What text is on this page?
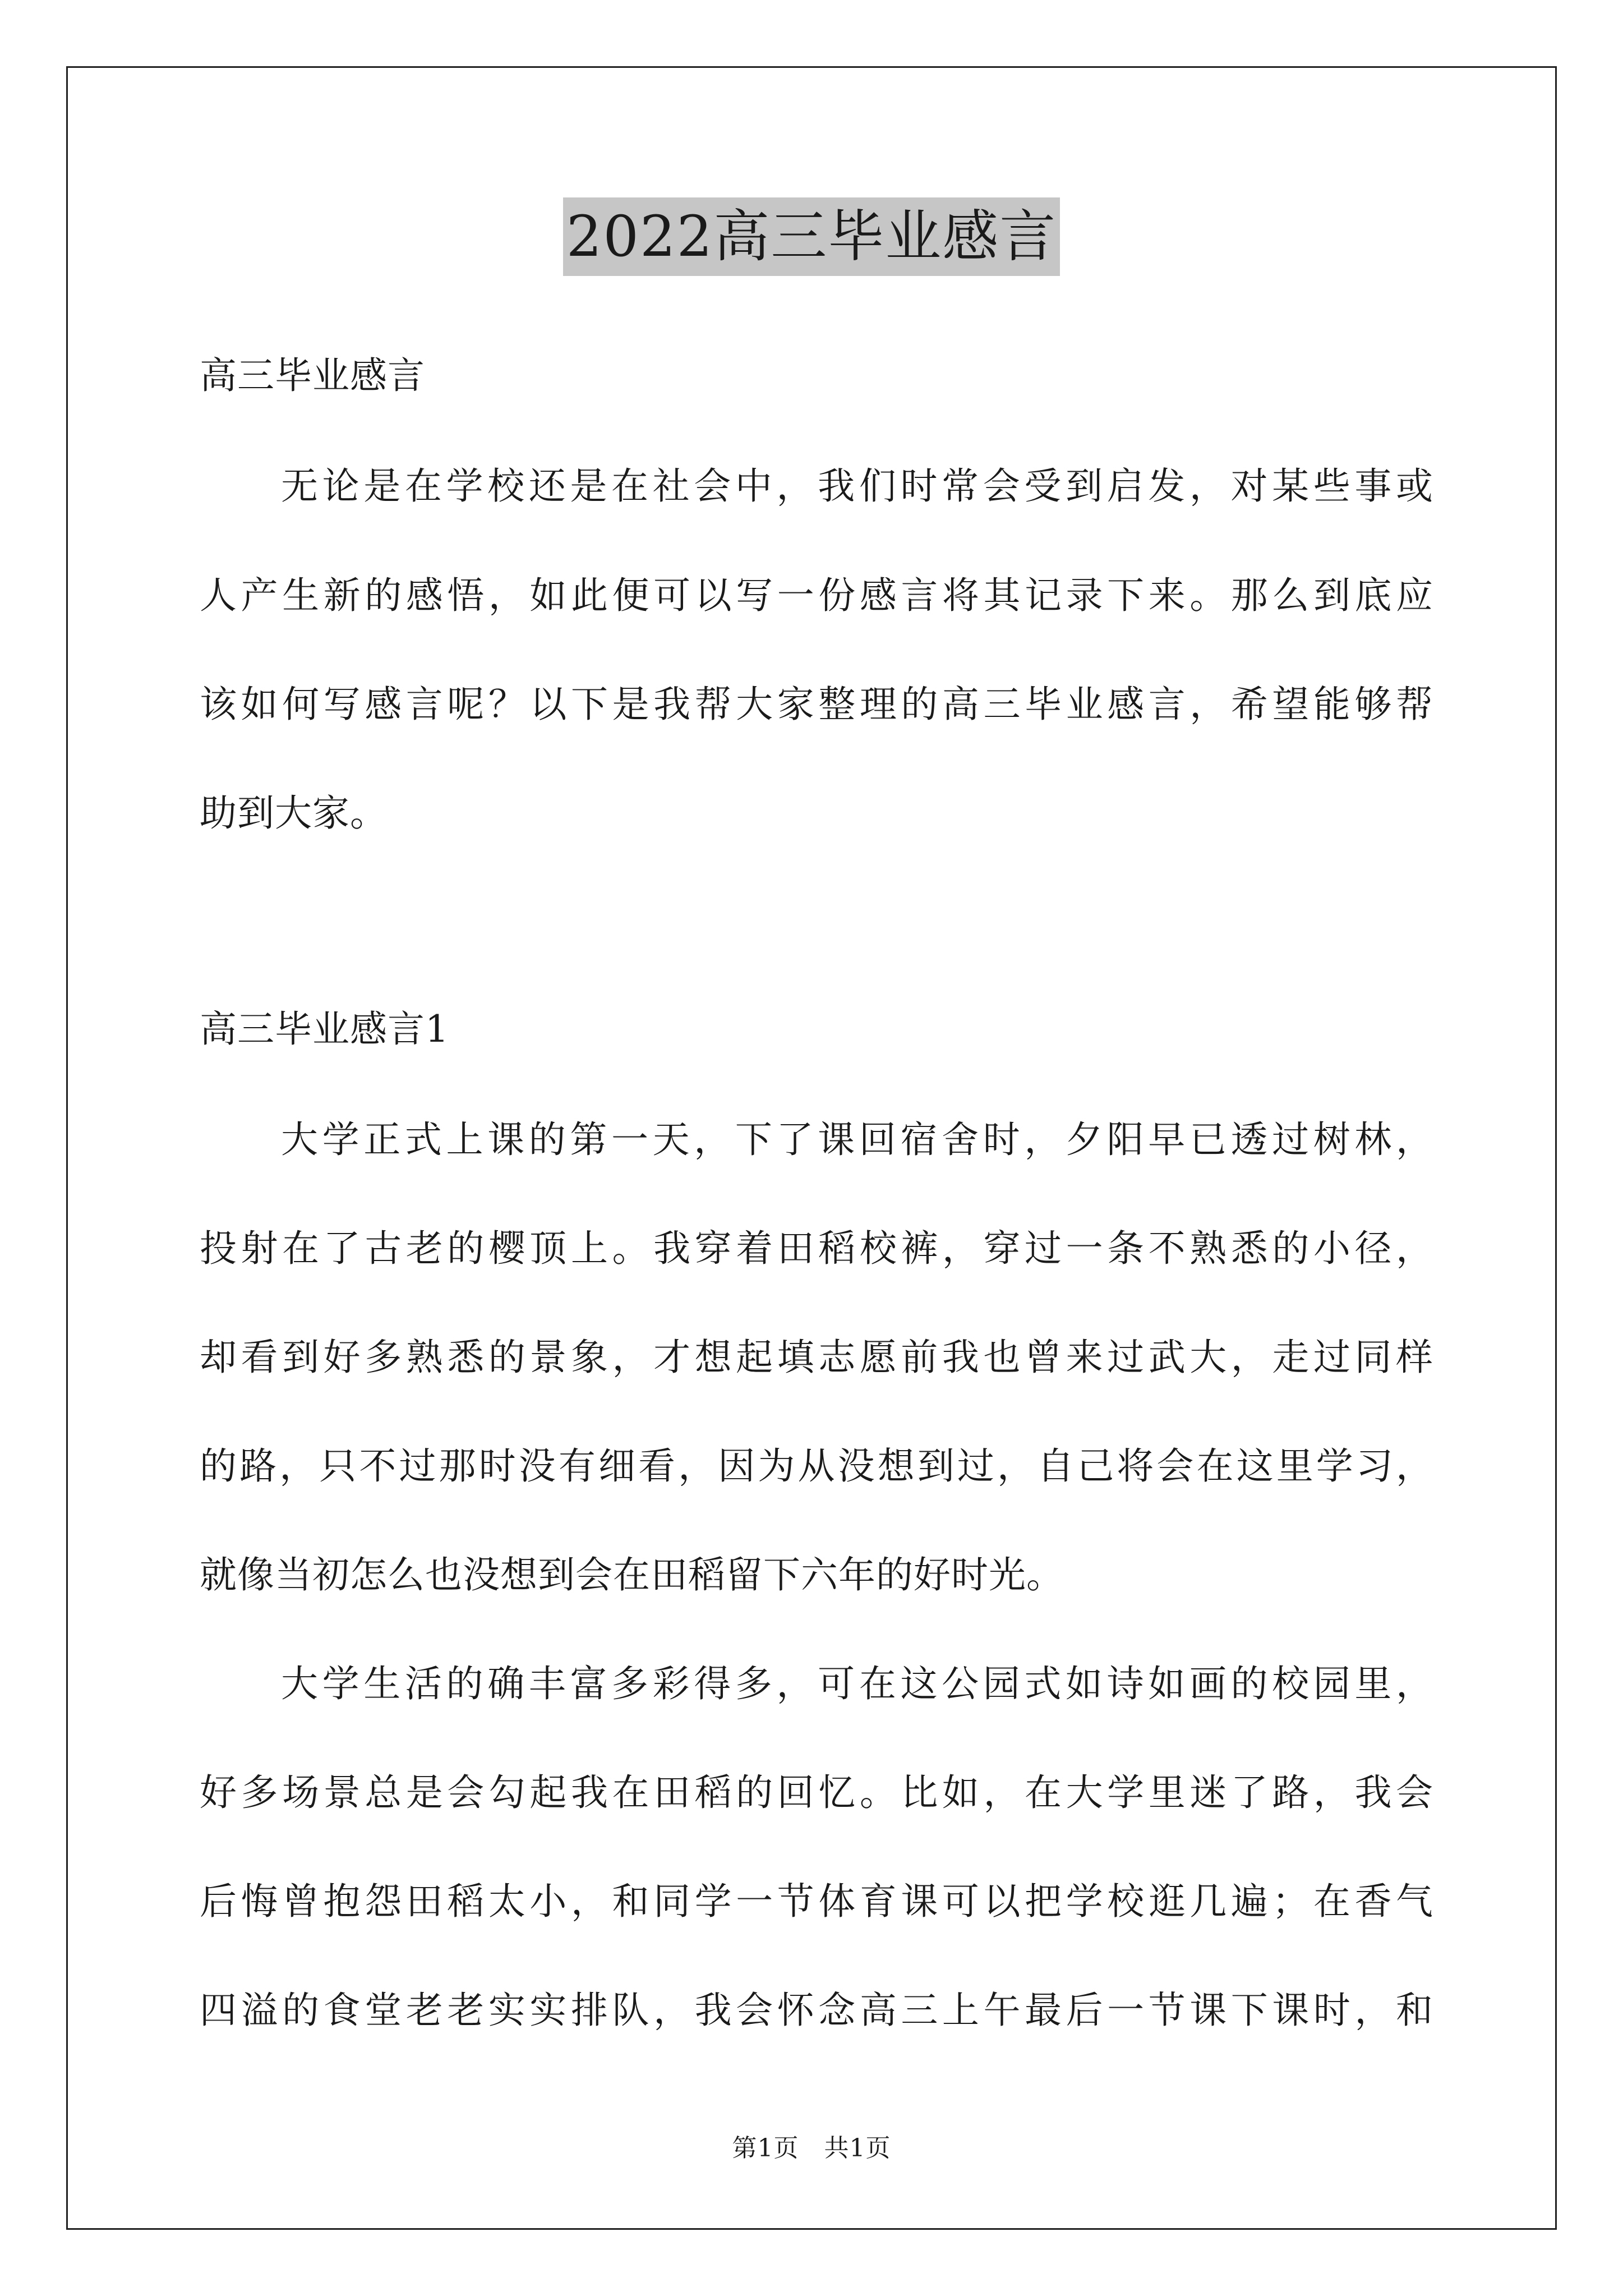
2022高三毕业感言
高三毕业感言
无论是在学校还是在社会中，我们时常会受到启发，对某些事或
人产生新的感悟，如此便可以写一份感言将其记录下来。那么到底应
该如何写感言呢？以下是我帮大家整理的高三毕业感言，希望能够帮
助到大家。
高三毕业感言1
大学正式上课的第一天，下了课回宿舍时，夕阳早已透过树林，
投射在了古老的樱顶上。我穿着田稻校裤，穿过一条不熟悉的小径，
却看到好多熟悉的景象，才想起填志愿前我也曾来过武大，走过同样
的路，只不过那时没有细看，因为从没想到过，自己将会在这里学习，
就像当初怎么也没想到会在田稻留下六年的好时光。
大学生活的确丰富多彩得多，可在这公园式如诗如画的校园里，
好多场景总是会勾起我在田稻的回忆。比如，在大学里迷了路，我会
后悔曾抱怨田稻太小，和同学一节体育课可以把学校逛几遍；在香气
四溢的食堂老老实实排队，我会怀念高三上午最后一节课下课时，和
第1页　共1页
